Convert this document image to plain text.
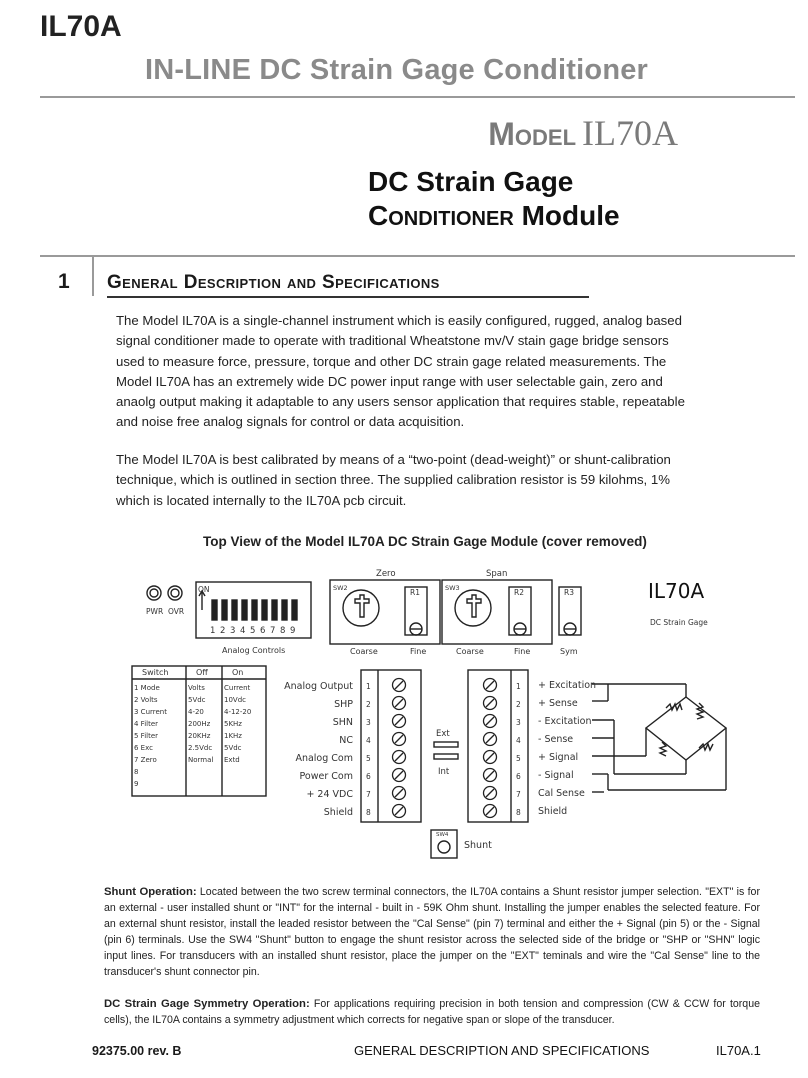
IL70A
IN-LINE DC Strain Gage Conditioner
Model IL70A
DC Strain Gage
Conditioner Module
1 General Description and Specifications
The Model IL70A is a single-channel instrument which is easily configured, rugged, analog based signal conditioner made to operate with traditional Wheatstone mv/V stain gage bridge sensors used to measure force, pressure, torque and other DC strain gage related measurements. The Model IL70A has an extremely wide DC power input range with user selectable gain, zero and anaolg output making it adaptable to any users sensor application that requires stable, repeatable and noise free analog signals for control or data acquisition.
The Model IL70A is best calibrated by means of a “two-point (dead-weight)” or shunt-calibration technique, which is outlined in section three. The supplied calibration resistor is 59 kilohms, 1% which is located internally to the IL70A pcb circuit.
Top View of the Model IL70A DC Strain Gage Module (cover removed)
PWR OVR
ON
1 2 3 4 5 6 7 8 9
Analog Controls
Zero	Span
SW2	SW3
R1	R2	R3
Coarse	Fine	Coarse	Fine	Sym
IL70A
DC Strain Gage
Switch	Off	On
1 Mode	Volts	Current
2 Volts	5Vdc	10Vdc
3 Current	4-20	4-12-20
4 Filter	200Hz 5KHz
5 Filter	20KHz 1KHz
6 Exc	2.5Vdc 5Vdc
7 Zero	Normal Extd
8
9
Analog Output
SHP
SHN
NC
Analog Com
Power Com
+ 24 VDC
Shield
1
2
3
4
5
6
7
8
1
2
3
4
5
6
7
8
+ Excitation
+ Sense
- Excitation
- Sense
+ Signal
- Signal
Cal Sense
Shield
Ext
Int
SW4
Shunt
Shunt Operation: Located between the two screw terminal connectors, the IL70A contains a Shunt resistor jumper selection. "EXT" is for an external - user installed shunt or "INT" for the internal - built in - 59K Ohm shunt. Installing the jumper enables the selected feature. For an external shunt resistor, install the leaded resistor between the "Cal Sense" (pin 7) terminal and either the + Signal (pin 5) or the - Signal (pin 6) terminals. Use the SW4 "Shunt" button to engage the shunt resistor across the selected side of the bridge or "SHP or "SHN" logic input lines. For transducers with an installed shunt resistor, place the jumper on the "EXT" teminals and wire the "Cal Sense" line to the transducer's shunt connector pin.
DC Strain Gage Symmetry Operation: For applications requiring precision in both tension and compression (CW & CCW for torque cells), the IL70A contains a symmetry adjustment which corrects for negative span or slope of the transducer.
92375.00 rev. B	GENERAL DESCRIPTION AND SPECIFICATIONS	IL70A.1
